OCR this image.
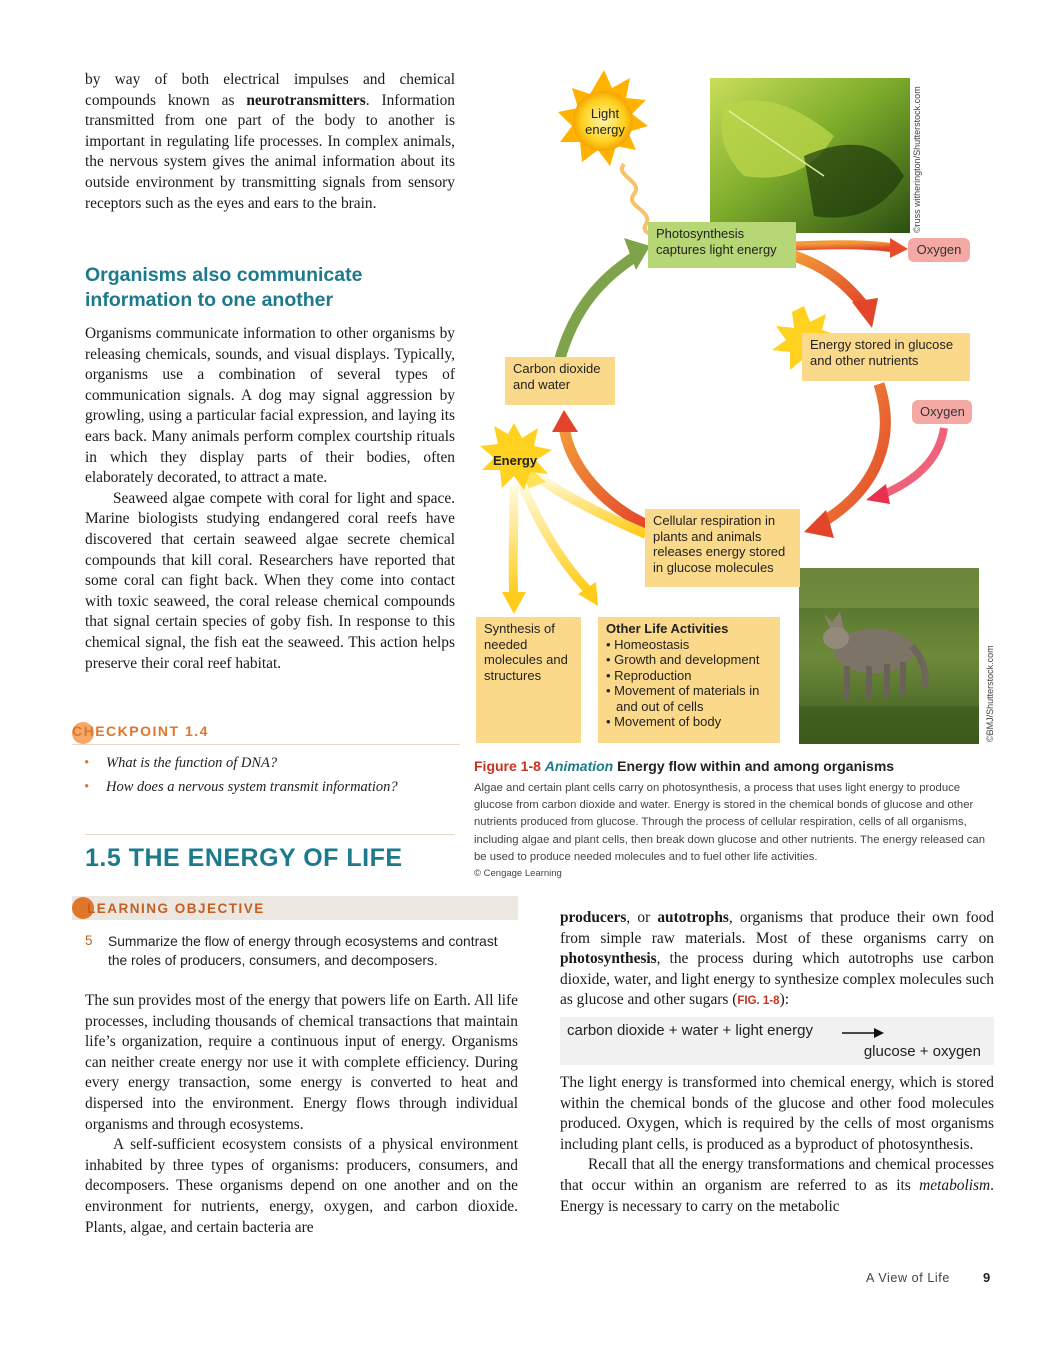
by way of both electrical impulses and chemical compounds known as neurotransmitters. Information transmitted from one part of the body to another is important in regulating life processes. In complex animals, the nervous system gives the animal information about its outside environment by transmitting signals from sensory receptors such as the eyes and ears to the brain.

Organisms also communicate information to one another

Organisms communicate information to other organisms by releasing chemicals, sounds, and visual displays. Typically, organisms use a combination of several types of communication signals. A dog may signal aggression by growling, using a particular facial expression, and laying its ears back. Many animals perform complex courtship rituals in which they display parts of their bodies, often elaborately decorated, to attract a mate.

Seaweed algae compete with coral for light and space. Marine biologists studying endangered coral reefs have discovered that certain seaweed algae secrete chemical compounds that kill coral. Researchers have reported that some coral can fight back. When they come into contact with toxic seaweed, the coral release chemical compounds that signal certain species of goby fish. In response to this chemical signal, the fish eat the seaweed. This action helps preserve their coral reef habitat.

CHECKPOINT 1.4
• What is the function of DNA?
• How does a nervous system transmit information?
1.5 THE ENERGY OF LIFE
LEARNING OBJECTIVE
5 Summarize the flow of energy through ecosystems and contrast the roles of producers, consumers, and decomposers.

The sun provides most of the energy that powers life on Earth. All life processes, including thousands of chemical transactions that maintain life’s organization, require a continuous input of energy. Organisms can neither create energy nor use it with complete efficiency. During every energy transaction, some energy is converted to heat and dispersed into the environment. Energy flows through individual organisms and through ecosystems.

A self-sufficient ecosystem consists of a physical environment inhabited by three types of organisms: producers, consumers, and decomposers. These organisms depend on one another and on the environment for nutrients, energy, oxygen, and carbon dioxide. Plants, algae, and certain bacteria are

producers, or autotrophs, organisms that produce their own food from simple raw materials. Most of these organisms carry on photosynthesis, the process during which autotrophs use carbon dioxide, water, and light energy to synthesize complex molecules such as glucose and other sugars (FIG. 1-8):

carbon dioxide + water + light energy
glucose + oxygen

The light energy is transformed into chemical energy, which is stored within the chemical bonds of the glucose and other food molecules produced. Oxygen, which is required by the cells of most organisms including plant cells, is produced as a byproduct of photosynthesis.

Recall that all the energy transformations and chemical processes that occur within an organism are referred to as its metabolism. Energy is necessary to carry on the metabolic

Light energy
Photosynthesis captures light energy	Oxygen
Energy stored in glucose and other nutrients
Oxygen
Carbon dioxide and water
Energy
Cellular respiration in plants and animals releases energy stored in glucose molecules
Synthesis of needed molecules and structures
Other Life Activities
• Homeostasis
• Growth and development
• Reproduction
• Movement of materials in and out of cells
• Movement of body
©russ witherington/Shutterstock.com
©BMJ/Shutterstock.com
Figure 1-8 Animation Energy flow within and among organisms
Algae and certain plant cells carry on photosynthesis, a process that uses light energy to produce glucose from carbon dioxide and water. Energy is stored in the chemical bonds of glucose and other nutrients produced from glucose. Through the process of cellular respiration, cells of all organisms, including algae and plant cells, then break down glucose and other nutrients. The energy released can be used to produce needed molecules and to fuel other life activities.
© Cengage Learning
A View of Life	9
